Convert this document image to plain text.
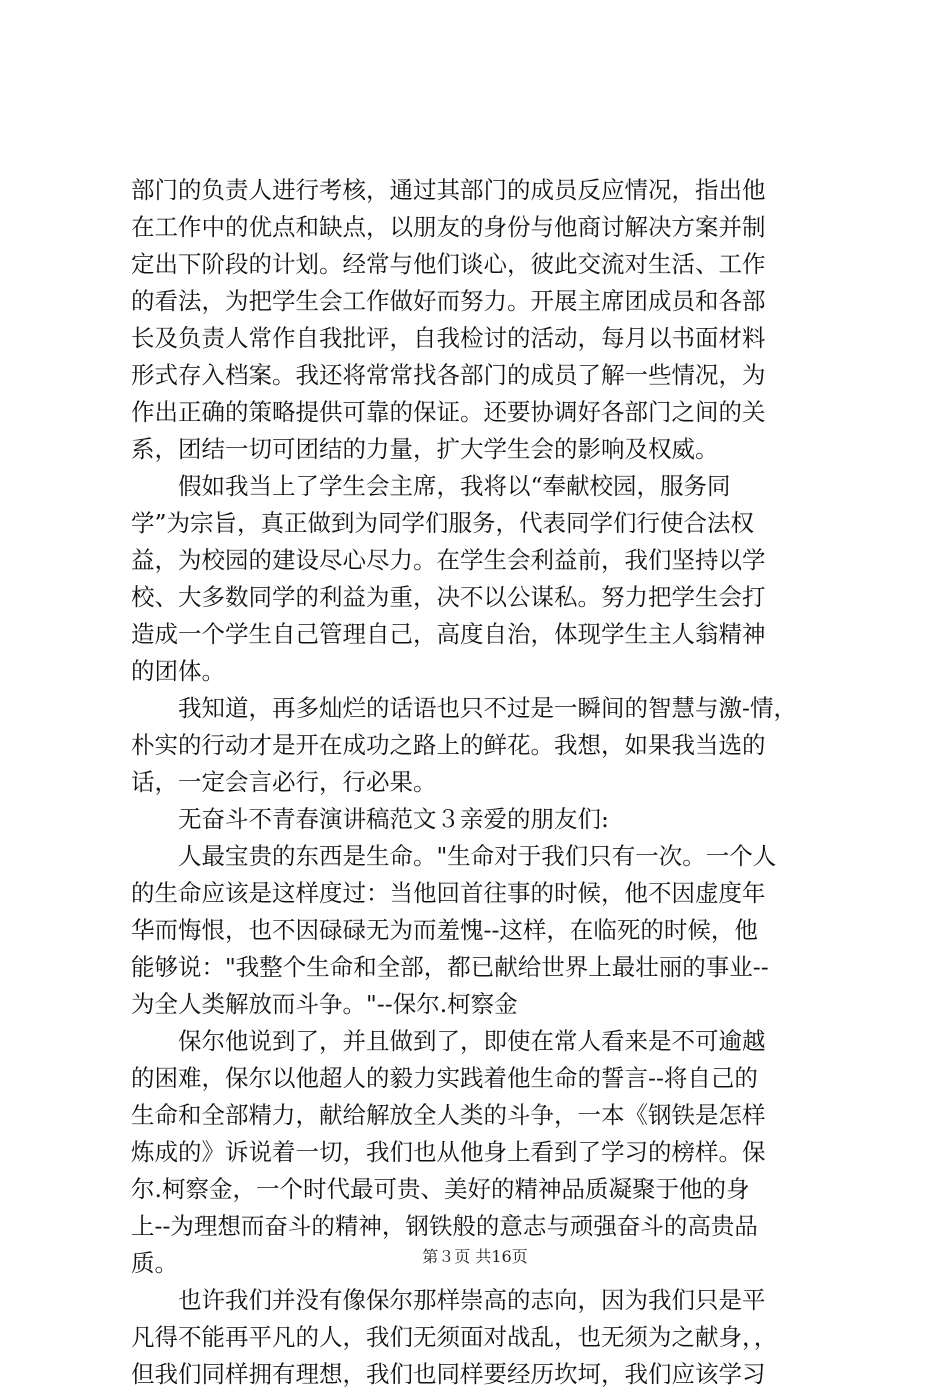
部门的负责人进行考核，通过其部门的成员反应情况，指出他
在工作中的优点和缺点，以朋友的身份与他商讨解决方案并制
定出下阶段的计划。经常与他们谈心，彼此交流对生活、工作
的看法，为把学生会工作做好而努力。开展主席团成员和各部
长及负责人常作自我批评，自我检讨的活动，每月以书面材料
形式存入档案。我还将常常找各部门的成员了解一些情况，为
作出正确的策略提供可靠的保证。还要协调好各部门之间的关
系，团结一切可团结的力量，扩大学生会的影响及权威。
　　假如我当上了学生会主席，我将以“奉献校园，服务同
学”为宗旨，真正做到为同学们服务，代表同学们行使合法权
益，为校园的建设尽心尽力。在学生会利益前，我们坚持以学
校、大多数同学的利益为重，决不以公谋私。努力把学生会打
造成一个学生自己管理自己，高度自治，体现学生主人翁精神
的团体。
　　我知道，再多灿烂的话语也只不过是一瞬间的智慧与激-情，
朴实的行动才是开在成功之路上的鲜花。我想，如果我当选的
话，一定会言必行，行必果。
　　无奋斗不青春演讲稿范文３亲爱的朋友们:
　　人最宝贵的东西是生命。"生命对于我们只有一次。一个人
的生命应该是这样度过：当他回首往事的时候，他不因虚度年
华而悔恨，也不因碌碌无为而羞愧--这样，在临死的时候，他
能够说："我整个生命和全部，都已献给世界上最壮丽的事业--
为全人类解放而斗争。"--保尔.柯察金
　　保尔他说到了，并且做到了，即使在常人看来是不可逾越
的困难，保尔以他超人的毅力实践着他生命的誓言--将自己的
生命和全部精力，献给解放全人类的斗争，一本《钢铁是怎样
炼成的》诉说着一切，我们也从他身上看到了学习的榜样。保
尔.柯察金，一个时代最可贵、美好的精神品质凝聚于他的身
上--为理想而奋斗的精神，钢铁般的意志与顽强奋斗的高贵品
质。
　　也许我们并没有像保尔那样崇高的志向，因为我们只是平
凡得不能再平凡的人，我们无须面对战乱，也无须为之献身，，
但我们同样拥有理想，我们也同样要经历坎坷，我们应该学习
第３页 共16页
